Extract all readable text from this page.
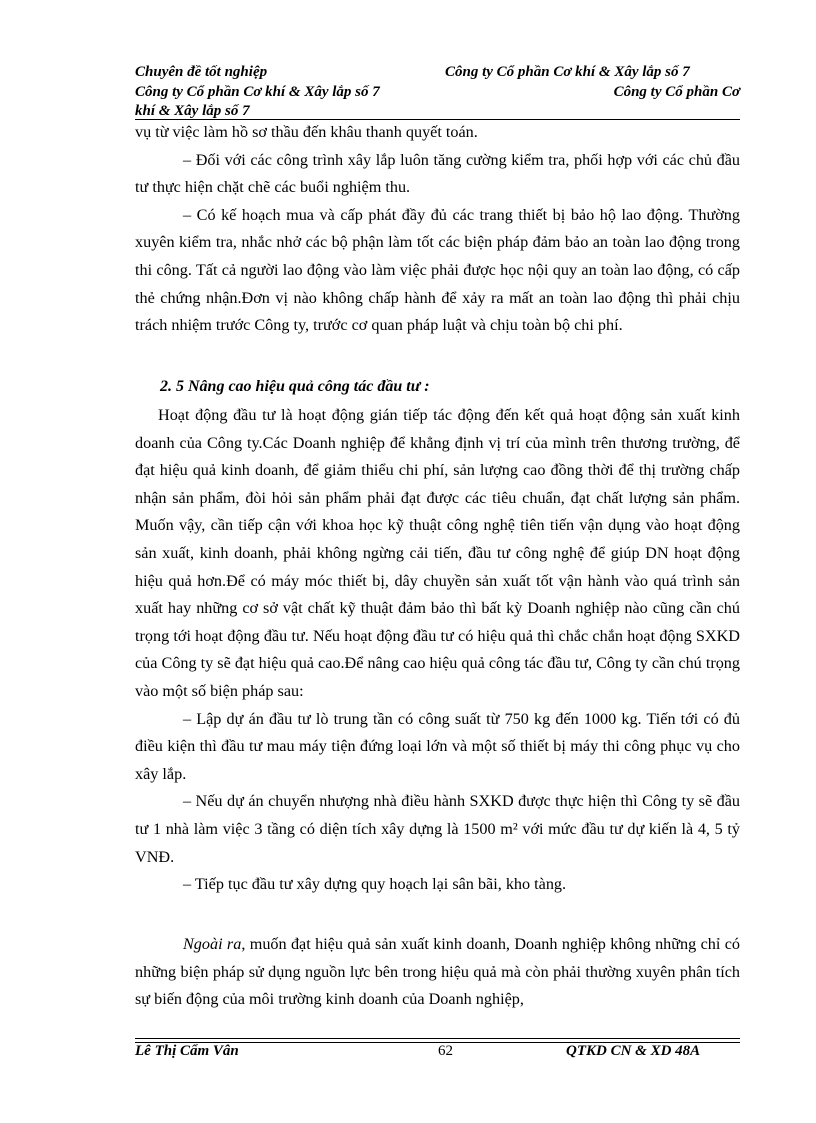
Chuyên đề tốt nghiệp	Công ty Cổ phần Cơ khí & Xây lắp số 7
Công ty Cổ phần Cơ khí & Xây lắp số 7	Công ty Cổ phần Cơ
khí & Xây lắp số 7

vụ từ việc làm hồ sơ thầu đến khâu thanh quyết toán.

– Đối với các công trình xây lắp luôn tăng cường kiểm tra, phối hợp với các chủ đầu tư thực hiện chặt chẽ các buổi nghiệm thu.

– Có kế hoạch mua và cấp phát đầy đủ các trang thiết bị bảo hộ lao động. Thường xuyên kiểm tra, nhắc nhở các bộ phận làm tốt các biện pháp đảm bảo an toàn lao động trong thi công. Tất cả người lao động vào làm việc phải được học nội quy an toàn lao động, có cấp thẻ chứng nhận.Đơn vị nào không chấp hành để xảy ra mất an toàn lao động thì phải chịu trách nhiệm trước Công ty, trước cơ quan pháp luật và chịu toàn bộ chi phí.

2. 5 Nâng cao hiệu quả công tác đầu tư :

Hoạt động đầu tư là hoạt động gián tiếp tác động đến kết quả hoạt động sản xuất kinh doanh của Công ty.Các Doanh nghiệp để khẳng định vị trí của mình trên thương trường, để đạt hiệu quả kinh doanh, để giảm thiểu chi phí, sản lượng cao đồng thời để thị trường chấp nhận sản phẩm, đòi hỏi sản phẩm phải đạt được các tiêu chuẩn, đạt chất lượng sản phẩm. Muốn vậy, cần tiếp cận với khoa học kỹ thuật công nghệ tiên tiến vận dụng vào hoạt động sản xuất, kinh doanh, phải không ngừng cải tiến, đầu tư công nghệ để giúp DN hoạt động hiệu quả hơn.Để có máy móc thiết bị, dây chuyền sản xuất tốt vận hành vào quá trình sản xuất hay những cơ sở vật chất kỹ thuật đảm bảo thì bất kỳ Doanh nghiệp nào cũng cần chú trọng tới hoạt động đầu tư. Nếu hoạt động đầu tư có hiệu quả thì chắc chắn hoạt động SXKD của Công ty sẽ đạt hiệu quả cao.Để nâng cao hiệu quả công tác đầu tư, Công ty cần chú trọng vào một số biện pháp sau:

– Lập dự án đầu tư lò trung tần có công suất từ 750 kg đến 1000 kg. Tiến tới có đủ điều kiện thì đầu tư mau máy tiện đứng loại lớn và một số thiết bị máy thi công phục vụ cho xây lắp.

– Nếu dự án chuyển nhượng nhà điều hành SXKD được thực hiện thì Công ty sẽ đầu tư 1 nhà làm việc 3 tầng có diện tích xây dựng là 1500 m² với mức đầu tư dự kiến là 4, 5 tỷ VNĐ.

– Tiếp tục đầu tư xây dựng quy hoạch lại sân bãi, kho tàng.

Ngoài ra, muốn đạt hiệu quả sản xuất kinh doanh, Doanh nghiệp không những chỉ có những biện pháp sử dụng nguồn lực bên trong hiệu quả mà còn phải thường xuyên phân tích sự biến động của môi trường kinh doanh của Doanh nghiệp,

Lê Thị Cẩm Vân	62	QTKD CN & XD 48A
